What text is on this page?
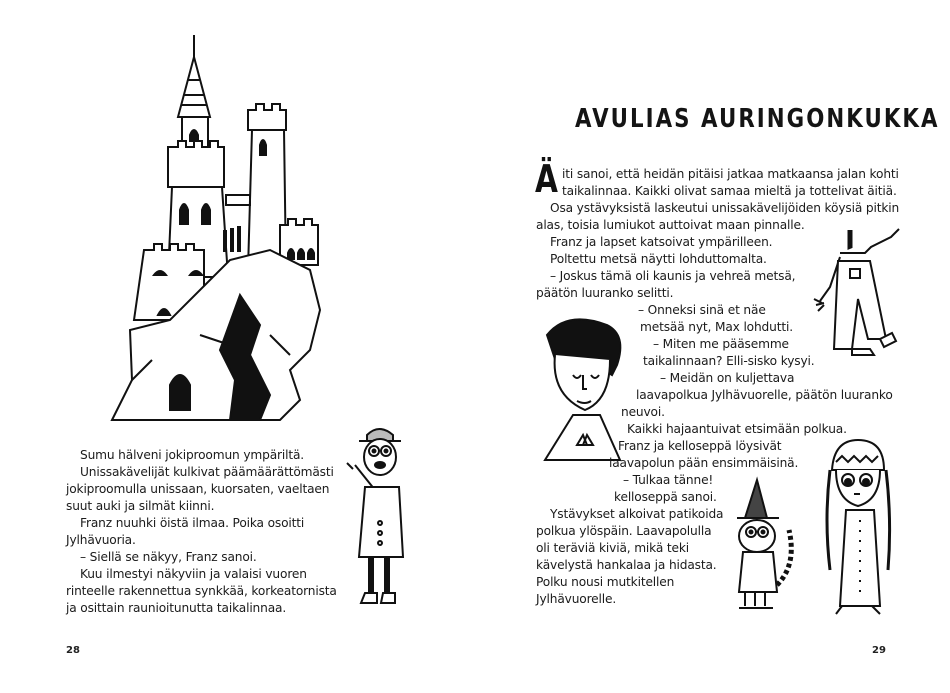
Sumu hälveni jokiproomun ympäriltä.
Unissakävelijät kulkivat päämäärättömästi
jokiproomulla unissaan, kuorsaten, vaeltaen
suut auki ja silmät kiinni.
Franz nuuhki öistä ilmaa. Poika osoitti
Jylhävuoria.
– Siellä se näkyy, Franz sanoi.
Kuu ilmestyi näkyviin ja valaisi vuoren
rinteelle rakennettua synkkää, korkeatornista
ja osittain raunioitunutta taikalinnaa.
28
AVULIAS AURINGONKUKKA
Ä iti sanoi, että heidän pitäisi jatkaa matkaansa jalan kohti
taikalinnaa. Kaikki olivat samaa mieltä ja tottelivat äitiä.
Osa ystävyksistä laskeutui unissakävelijöiden köysiä pitkin
alas, toisia lumiukot auttoivat maan pinnalle.
Franz ja lapset katsoivat ympärilleen.
Poltettu metsä näytti lohduttomalta.
– Joskus tämä oli kaunis ja vehreä metsä,
päätön luuranko selitti.
– Onneksi sinä et näe
metsää nyt, Max lohdutti.
– Miten me pääsemme
taikalinnaan? Elli-sisko kysyi.
– Meidän on kuljettava
laavapolkua Jylhävuorelle, päätön luuranko
neuvoi.
Kaikki hajaantuivat etsimään polkua.
Franz ja kelloseppä löysivät
laavapolun pään ensimmäisinä.
– Tulkaa tänne!
kelloseppä sanoi.
Ystävykset alkoivat patikoida
polkua ylöspäin. Laavapolulla
oli teräviä kiviä, mikä teki
kävelystä hankalaa ja hidasta.
Polku nousi mutkitellen
Jylhävuorelle.
29
